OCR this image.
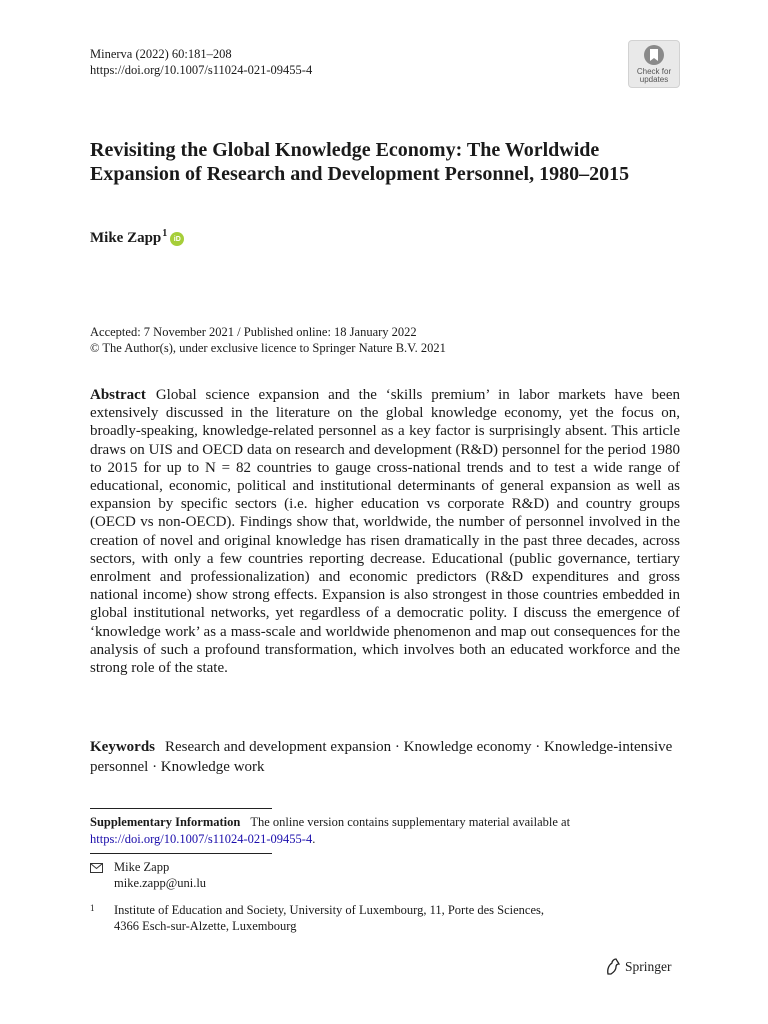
Minerva (2022) 60:181–208
https://doi.org/10.1007/s11024-021-09455-4	Check for
updates
Revisiting the Global Knowledge Economy: The Worldwide Expansion of Research and Development Personnel, 1980–2015
Mike Zapp$^1$ iD
Accepted: 7 November 2021 / Published online: 18 January 2022
© The Author(s), under exclusive licence to Springer Nature B.V. 2021

Abstract Global science expansion and the ‘skills premium’ in labor markets have been extensively discussed in the literature on the global knowledge economy, yet the focus on, broadly-speaking, knowledge-related personnel as a key factor is surprisingly absent. This article draws on UIS and OECD data on research and development (R&D) personnel for the period 1980 to 2015 for up to N = 82 countries to gauge cross-national trends and to test a wide range of educational, economic, political and institutional determinants of general expansion as well as expansion by specific sectors (i.e. higher education vs corporate R&D) and country groups (OECD vs non-OECD). Findings show that, worldwide, the number of personnel involved in the creation of novel and original knowledge has risen dramatically in the past three decades, across sectors, with only a few countries reporting decrease. Educational (public governance, tertiary enrolment and professionalization) and economic predictors (R&D expenditures and gross national income) show strong effects. Expansion is also strongest in those countries embedded in global institutional networks, yet regardless of a democratic polity. I discuss the emergence of ‘knowledge work’ as a mass-scale and worldwide phenomenon and map out consequences for the analysis of such a profound transformation, which involves both an educated workforce and the strong role of the state.

Keywords Research and development expansion · Knowledge economy · Knowledge-intensive personnel · Knowledge work

Supplementary Information The online version contains supplementary material available at
https://doi.org/10.1007/s11024-021-09455-4.

Mike Zapp
mike.zapp@uni.lu
1	Institute of Education and Society, University of Luxembourg, 11, Porte des Sciences,
4366 Esch-sur-Alzette, Luxembourg
Springer
